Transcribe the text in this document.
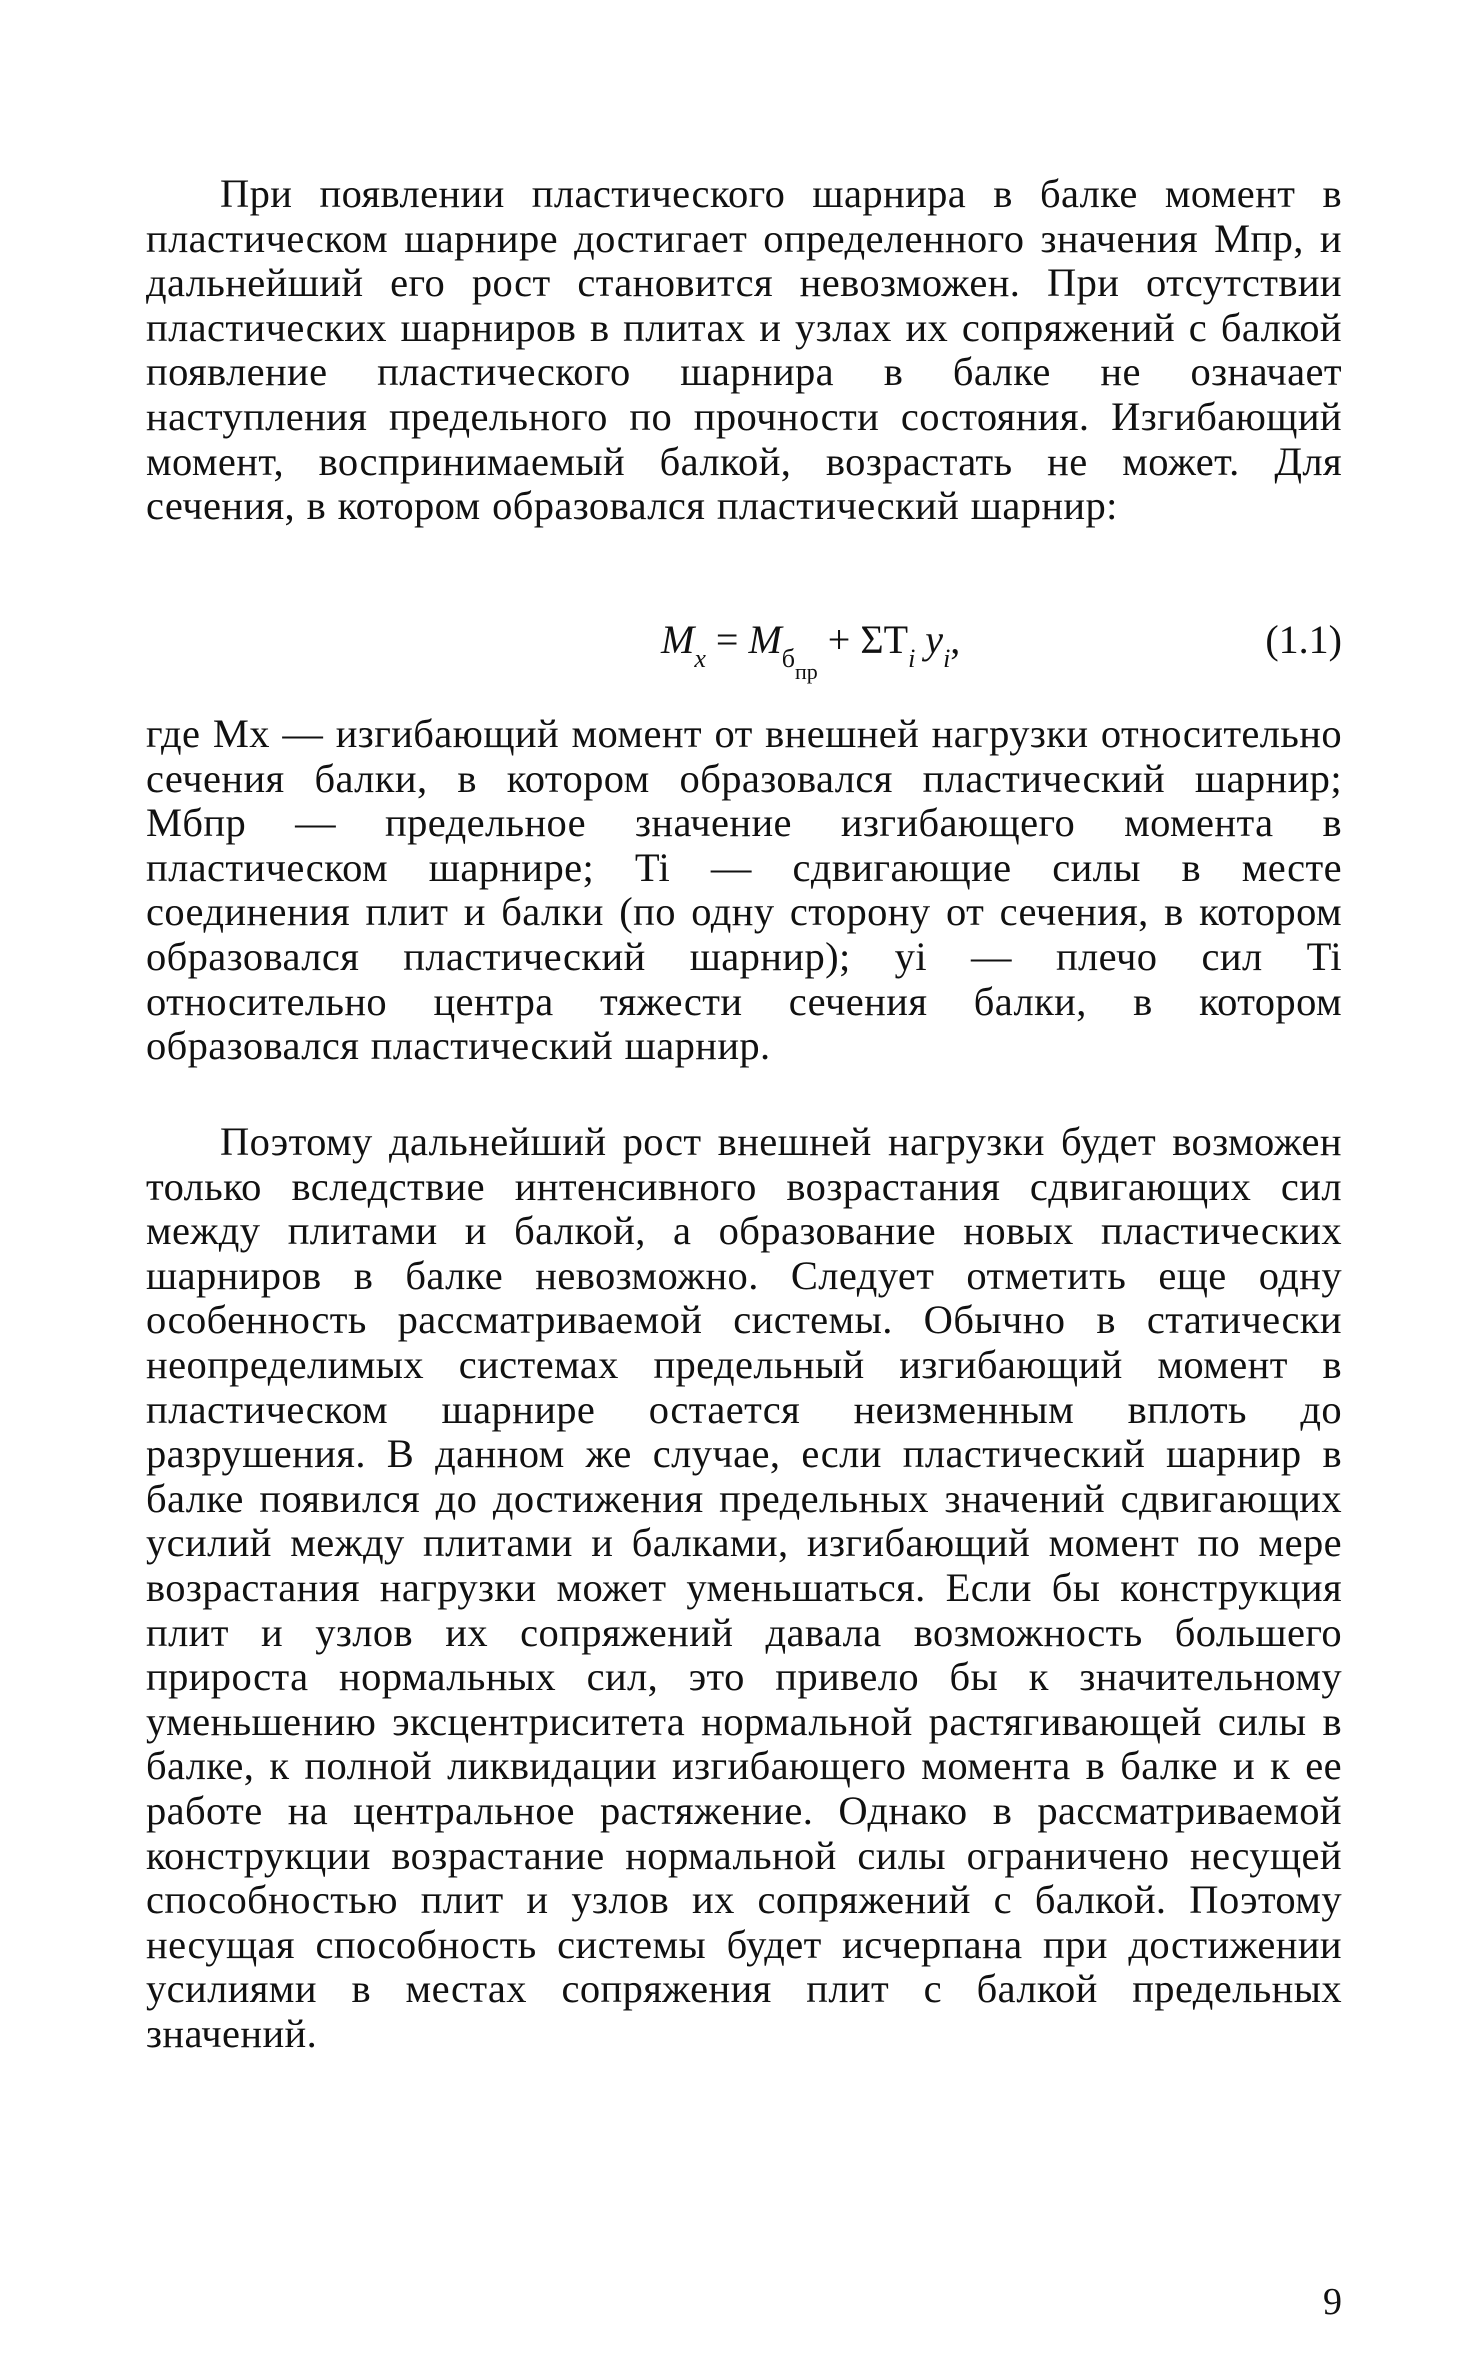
При появлении пластического шарнира в балке момент в пластическом шарнире достигает определенного значения Mпр, и дальнейший его рост становится невозможен. При отсутствии пластических шарниров в плитах и узлах их сопряжений с балкой появление пластического шарнира в балке не означает наступления предельного по прочности состояния. Изгибающий момент, воспринимаемый балкой, возрастать не может. Для сечения, в котором образовался пластический шарнир:

$M_x = M_{бпр} + \Sigma T_i$ $y_i$,	(1.1)

где Mx — изгибающий момент от внешней нагрузки относительно сечения балки, в котором образовался пластический шарнир; Mбпр — предельное значение изгибающего момента в пластическом шарнире; Ti — сдвигающие силы в месте соединения плит и балки (по одну сторону от сечения, в котором образовался пластический шарнир); yi — плечо сил Ti относительно центра тяжести сечения балки, в котором образовался пластический шарнир.

Поэтому дальнейший рост внешней нагрузки будет возможен только вследствие интенсивного возрастания сдвигающих сил между плитами и балкой, а образование новых пластических шарниров в балке невозможно. Следует отметить еще одну особенность рассматриваемой системы. Обычно в статически неопределимых системах предельный изгибающий момент в пластическом шарнире остается неизменным вплоть до разрушения. В данном же случае, если пластический шарнир в балке появился до достижения предельных значений сдвигающих усилий между плитами и балками, изгибающий момент по мере возрастания нагрузки может уменьшаться. Если бы конструкция плит и узлов их сопряжений давала возможность большего прироста нормальных сил, это привело бы к значительному уменьшению эксцентриситета нормальной растягивающей силы в балке, к полной ликвидации изгибающего момента в балке и к ее работе на центральное растяжение. Однако в рассматриваемой конструкции возрастание нормальной силы ограничено несущей способностью плит и узлов их сопряжений с балкой. Поэтому несущая способность системы будет исчерпана при достижении усилиями в местах сопряжения плит с балкой предельных значений.

9
